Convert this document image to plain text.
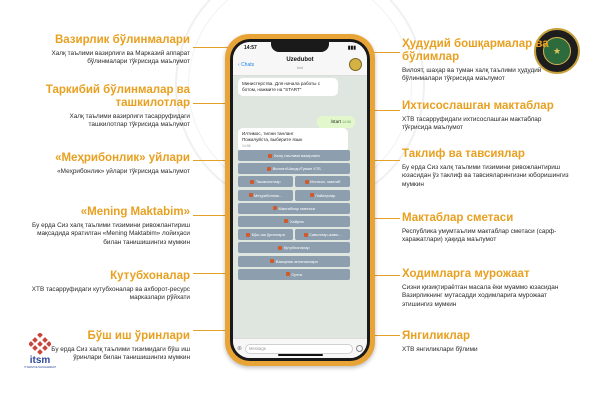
★
Вазирлик бўлинмалари
Халқ таълими вазирлиги ва Марказий аппарат бўлинмалари тўғрисида маълумот
Таркибий бўлинмалар ва ташкилотлар
Халқ таълими вазирлиги тасарруфидаги ташкилотлар тўғрисида маълумот
«Меҳрибонлик» уйлари
«Меҳрибонлик» уйлари тўғрисида маълумот
«Mening Maktabim»
Бу ерда Сиз халқ таълими тизимини ривожлантириш мақсадида яратилган «Mening Maktabim» лойиҳаси билан танишишингиз мумкин
Кутубхоналар
ХТВ тасарруфидаги кутубхоналар ва ахборот-ресурс марказлари рўйхати
Бўш иш ўринлари
Бу ерда Сиз халқ таълими тизимидаги бўш иш ўринлари билан танишишингиз мумкин
Ҳудудий бошқармалар ва бўлимлар
Вилоят, шаҳар ва туман халқ таълими ҳудудий бўлинмалари тўғрисида маълумот
Ихтисослашган мактаблар
ХТВ тасарруфидаги ихтисослашган мактаблар тўғрисида маълумот
Таклиф ва тавсиялар
Бу ерда Сиз халқ таълими тизимини ривожлантириш юзасидан ўз таклиф ва тавсияларингизни юборишингиз мумкин
Мактаблар сметаси
Республика умумтаълим мактаблар сметаси (сарф-харажатлари) ҳақида маълумот
Ходимларга мурожаат
Сизни қизиқтираётган масала ёки муаммо юзасидан Вазирликнинг мутасадди ходимларига мурожаат этишингиз мумкин
Янгиликлар
ХТВ янгиликлари бўлими
14:57	▮▮▮
‹ Chats
Uzedubot
bot
Министерства. Для начала работы с ботом, нажмите на "START"
/start 14:56
Илтимос, тилни танланг
Пожалуйста, выберите язык
14:56
Халқ таълими вазирлиги
Вилоят/Шаҳар/Туман ХТБ
Ташкилотлар	Ихтисос. мактаб
Меҳрибонлик...	Лойиҳалар
Мактаблар сметаси
Хайрия
Бўш иш ўринлари	Саволлар-жаво...
Кутубхоналар
Вазирлик янгиликлари
Ортга
⊕	Message
itsm
IT SERVICE MANAGEMENT
